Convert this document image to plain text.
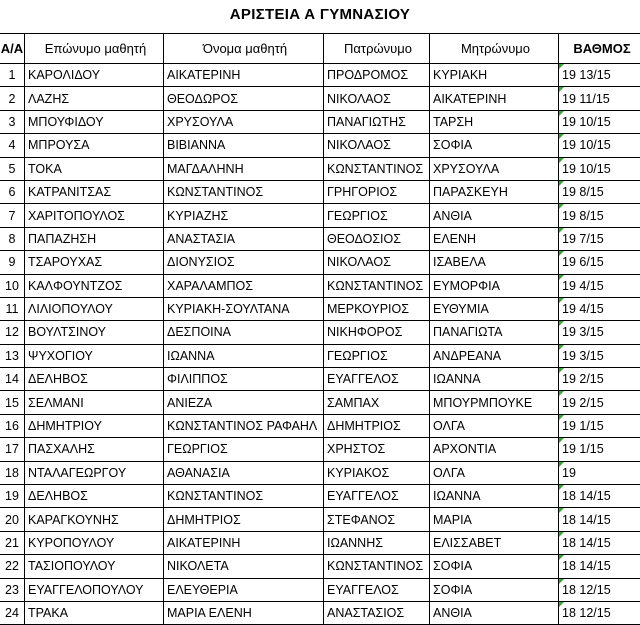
ΑΡΙΣΤΕΙΑ Α ΓΥΜΝΑΣΙΟΥ
Α/Α	Επώνυμο μαθητή	Όνομα μαθητή	Πατρώνυμο	Μητρώνυμο	ΒΑΘΜΟΣ
1	ΚΑΡΟΛΙΔΟΥ	ΑΙΚΑΤΕΡΙΝΗ	ΠΡΟΔΡΟΜΟΣ	ΚΥΡΙΑΚΗ	19 13/15
2	ΛΑΖΗΣ	ΘΕΟΔΩΡΟΣ	ΝΙΚΟΛΑΟΣ	ΑΙΚΑΤΕΡΙΝΗ	19 11/15
3	ΜΠΟΥΦΙΔΟΥ	ΧΡΥΣΟΥΛΑ	ΠΑΝΑΓΙΩΤΗΣ	ΤΑΡΣΗ	19 10/15
4	ΜΠΡΟΥΣΑ	ΒΙΒΙΑΝΝΑ	ΝΙΚΟΛΑΟΣ	ΣΟΦΙΑ	19 10/15
5	ΤΟΚΑ	ΜΑΓΔΑΛΗΝΗ	ΚΩΝΣΤΑΝΤΙΝΟΣ	ΧΡΥΣΟΥΛΑ	19 10/15
6	ΚΑΤΡΑΝΙΤΣΑΣ	ΚΩΝΣΤΑΝΤΙΝΟΣ	ΓΡΗΓΟΡΙΟΣ	ΠΑΡΑΣΚΕΥΗ	19 8/15
7	ΧΑΡΙΤΟΠΟΥΛΟΣ	ΚΥΡΙΑΖΗΣ	ΓΕΩΡΓΙΟΣ	ΑΝΘΙΑ	19 8/15
8	ΠΑΠΑΖΗΣΗ	ΑΝΑΣΤΑΣΙΑ	ΘΕΟΔΟΣΙΟΣ	ΕΛΕΝΗ	19 7/15
9	ΤΣΑΡΟΥΧΑΣ	ΔΙΟΝΥΣΙΟΣ	ΝΙΚΟΛΑΟΣ	ΙΣΑΒΕΛΑ	19 6/15
10	ΚΑΛΦΟΥΝΤΖΟΣ	ΧΑΡΑΛΑΜΠΟΣ	ΚΩΝΣΤΑΝΤΙΝΟΣ	ΕΥΜΟΡΦΙΑ	19 4/15
11	ΛΙΛΙΟΠΟΥΛΟΥ	ΚΥΡΙΑΚΗ-ΣΟΥΛΤΑΝΑ	ΜΕΡΚΟΥΡΙΟΣ	ΕΥΘΥΜΙΑ	19 4/15
12	ΒΟΥΛΤΣΙΝΟΥ	ΔΕΣΠΟΙΝΑ	ΝΙΚΗΦΟΡΟΣ	ΠΑΝΑΓΙΩΤΑ	19 3/15
13	ΨΥΧΟΓΙΟΥ	ΙΩΑΝΝΑ	ΓΕΩΡΓΙΟΣ	ΑΝΔΡΕΑΝΑ	19 3/15
14	ΔΕΛΗΒΟΣ	ΦΙΛΙΠΠΟΣ	ΕΥΑΓΓΕΛΟΣ	ΙΩΑΝΝΑ	19 2/15
15	ΣΕΛΜΑΝΙ	ΑΝΙΕΖΑ	ΣΑΜΠΑΧ	ΜΠΟΥΡΜΠΟΥΚΕ	19 2/15
16	ΔΗΜΗΤΡΙΟΥ	ΚΩΝΣΤΑΝΤΙΝΟΣ ΡΑΦΑΗΛ	ΔΗΜΗΤΡΙΟΣ	ΟΛΓΑ	19 1/15
17	ΠΑΣΧΑΛΗΣ	ΓΕΩΡΓΙΟΣ	ΧΡΗΣΤΟΣ	ΑΡΧΟΝΤΙΑ	19 1/15
18	ΝΤΑΛΑΓΕΩΡΓΟΥ	ΑΘΑΝΑΣΙΑ	ΚΥΡΙΑΚΟΣ	ΟΛΓΑ	19
19	ΔΕΛΗΒΟΣ	ΚΩΝΣΤΑΝΤΙΝΟΣ	ΕΥΑΓΓΕΛΟΣ	ΙΩΑΝΝΑ	18 14/15
20	ΚΑΡΑΓΚΟΥΝΗΣ	ΔΗΜΗΤΡΙΟΣ	ΣΤΕΦΑΝΟΣ	ΜΑΡΙΑ	18 14/15
21	ΚΥΡΟΠΟΥΛΟΥ	ΑΙΚΑΤΕΡΙΝΗ	ΙΩΑΝΝΗΣ	ΕΛΙΣΣΑΒΕΤ	18 14/15
22	ΤΑΣΙΟΠΟΥΛΟΥ	ΝΙΚΟΛΕΤΑ	ΚΩΝΣΤΑΝΤΙΝΟΣ	ΣΟΦΙΑ	18 14/15
23	ΕΥΑΓΓΕΛΟΠΟΥΛΟΥ	ΕΛΕΥΘΕΡΙΑ	ΕΥΑΓΓΕΛΟΣ	ΣΟΦΙΑ	18 12/15
24	ΤΡΑΚΑ	ΜΑΡΙΑ ΕΛΕΝΗ	ΑΝΑΣΤΑΣΙΟΣ	ΑΝΘΙΑ	18 12/15
